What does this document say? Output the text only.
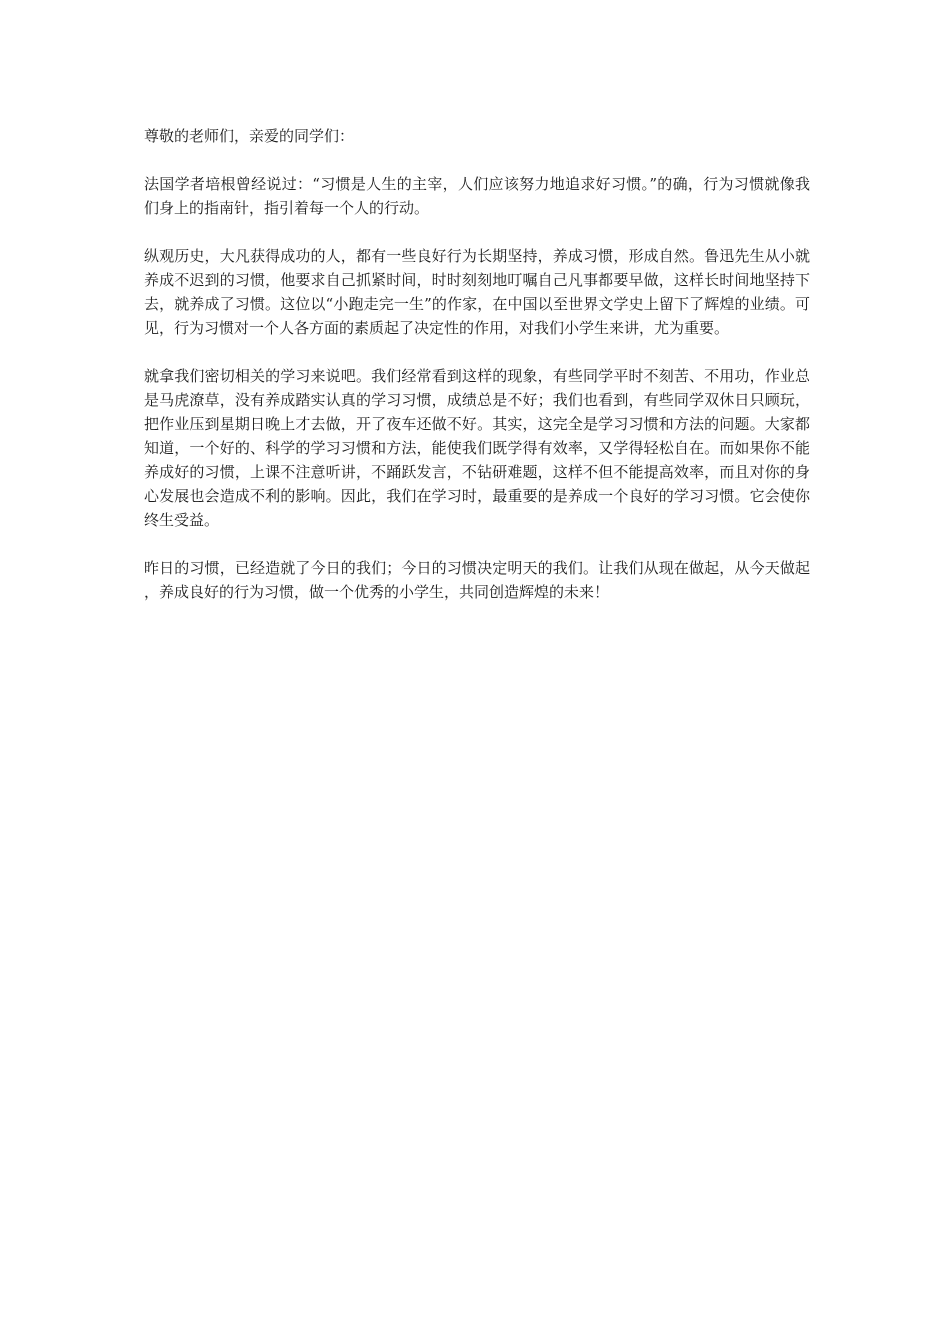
尊敬的老师们，亲爱的同学们：

法国学者培根曾经说过：“习惯是人生的主宰，人们应该努力地追求好习惯。”的确，行为习惯就像我们身上的指南针，指引着每一个人的行动。

纵观历史，大凡获得成功的人，都有一些良好行为长期坚持，养成习惯，形成自然。鲁迅先生从小就养成不迟到的习惯，他要求自己抓紧时间，时时刻刻地叮嘱自己凡事都要早做，这样长时间地坚持下去，就养成了习惯。这位以“小跑走完一生”的作家，在中国以至世界文学史上留下了辉煌的业绩。可见，行为习惯对一个人各方面的素质起了决定性的作用，对我们小学生来讲，尤为重要。

就拿我们密切相关的学习来说吧。我们经常看到这样的现象，有些同学平时不刻苦、不用功，作业总是马虎潦草，没有养成踏实认真的学习习惯，成绩总是不好；我们也看到，有些同学双休日只顾玩，把作业压到星期日晚上才去做，开了夜车还做不好。其实，这完全是学习习惯和方法的问题。大家都知道，一个好的、科学的学习习惯和方法，能使我们既学得有效率，又学得轻松自在。而如果你不能养成好的习惯，上课不注意听讲，不踊跃发言，不钻研难题，这样不但不能提高效率，而且对你的身心发展也会造成不利的影响。因此，我们在学习时，最重要的是养成一个良好的学习习惯。它会使你终生受益。

昨日的习惯，已经造就了今日的我们；今日的习惯决定明天的我们。让我们从现在做起，从今天做起，养成良好的行为习惯，做一个优秀的小学生，共同创造辉煌的未来！
